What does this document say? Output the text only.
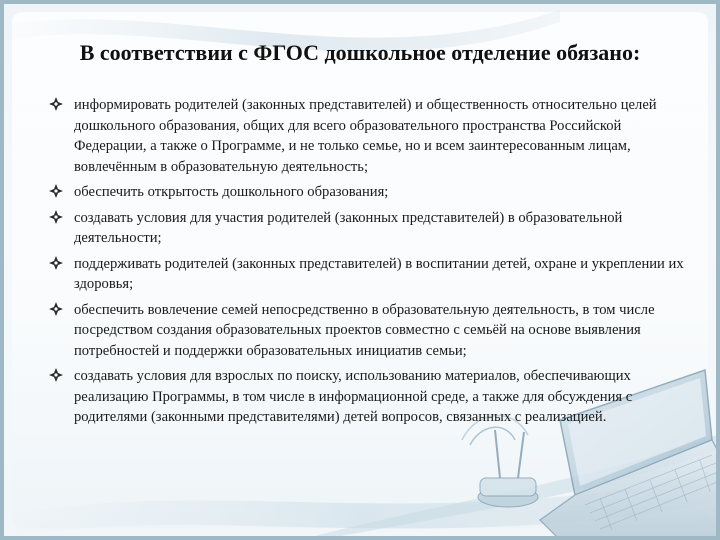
В соответствии с ФГОС дошкольное отделение обязано:
информировать родителей (законных представителей) и общественность относительно целей дошкольного образования, общих для всего образовательного пространства Российской Федерации, а также о Программе, и не только семье, но и всем заинтересованным лицам, вовлечённым в образовательную деятельность;
обеспечить открытость дошкольного образования;
создавать условия для участия родителей (законных представителей) в образовательной деятельности;
поддерживать родителей (законных представителей) в воспитании детей, охране и укреплении их здоровья;
обеспечить вовлечение семей непосредственно в образовательную деятельность, в том числе посредством создания образовательных проектов совместно с семьёй на основе выявления потребностей и поддержки образовательных инициатив семьи;
создавать условия для взрослых по поиску, использованию материалов, обеспечивающих реализацию Программы, в том числе в информационной среде, а также для обсуждения с родителями (законными представителями) детей вопросов, связанных с реализацией.
